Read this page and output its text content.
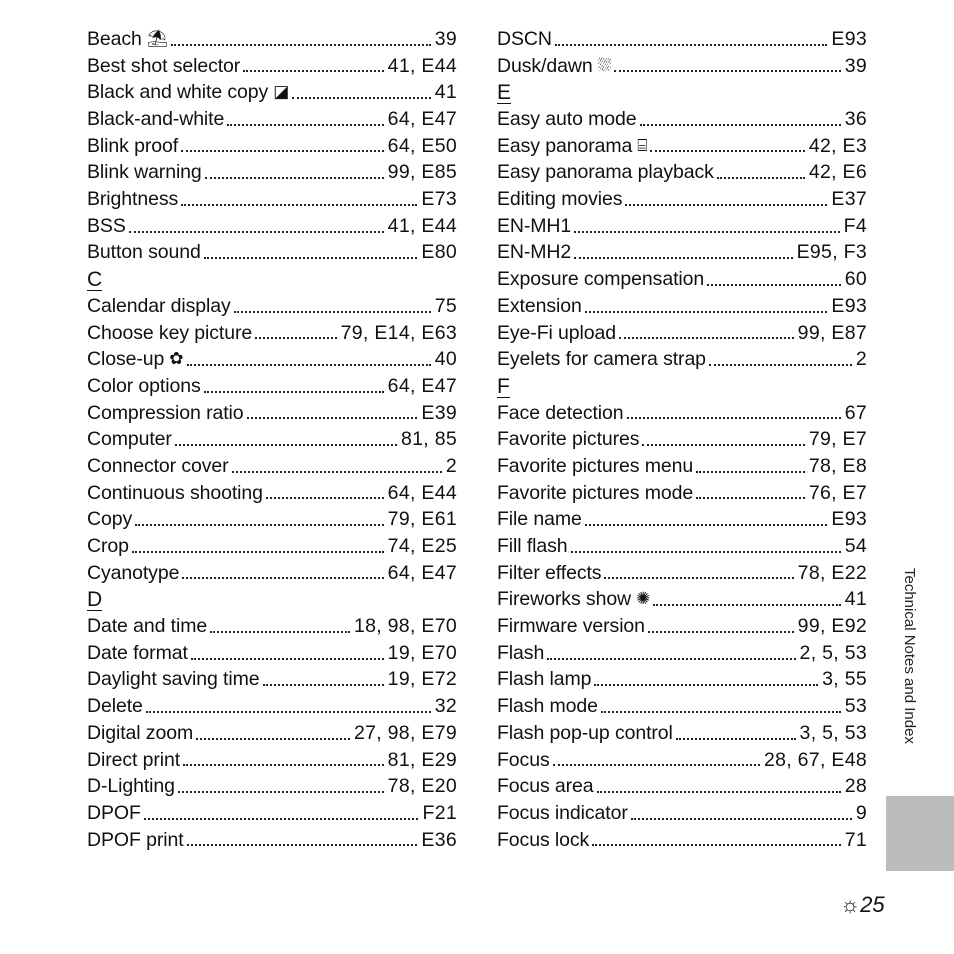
Beach ⛱	39
Best shot selector	41, E44
Black and white copy ◪	41
Black-and-white	64, E47
Blink proof	64, E50
Blink warning	99, E85
Brightness	E73
BSS	41, E44
Button sound	E80
C
Calendar display	75
Choose key picture	79, E14, E63
Close-up ✿	40
Color options	64, E47
Compression ratio	E39
Computer	81, 85
Connector cover	2
Continuous shooting	64, E44
Copy	79, E61
Crop	74, E25
Cyanotype	64, E47
D
Date and time	18, 98, E70
Date format	19, E70
Daylight saving time	19, E72
Delete	32
Digital zoom	27, 98, E79
Direct print	81, E29
D-Lighting	78, E20
DPOF	F21
DPOF print	E36
DSCN	E93
Dusk/dawn ⛆	39
E
Easy auto mode	36
Easy panorama ⌸	42, E3
Easy panorama playback	42, E6
Editing movies	E37
EN-MH1	F4
EN-MH2	E95, F3
Exposure compensation	60
Extension	E93
Eye-Fi upload	99, E87
Eyelets for camera strap	2
F
Face detection	67
Favorite pictures	79, E7
Favorite pictures menu	78, E8
Favorite pictures mode	76, E7
File name	E93
Fill flash	54
Filter effects	78, E22
Fireworks show ✺	41
Firmware version	99, E92
Flash	2, 5, 53
Flash lamp	3, 55
Flash mode	53
Flash pop-up control	3, 5, 53
Focus	28, 67, E48
Focus area	28
Focus indicator	9
Focus lock	71
Technical Notes and Index
☼25
